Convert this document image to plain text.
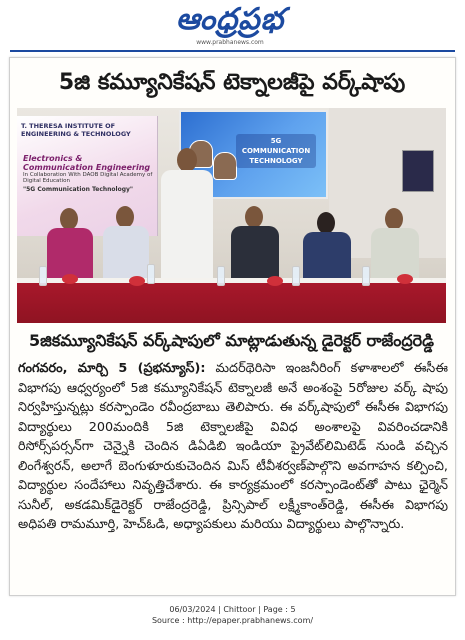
ఆంధ్రప్రభ
www.prabhanews.com
5జి కమ్యూనికేషన్ టెక్నాలజీపై వర్క్‌షాపు
T. THERESA INSTITUTE OF ENGINEERING & TECHNOLOGY
Electronics & Communication Engineering
In Collaboration With DAOB Digital Academy of Digital Education
"5G Communication Technology"
5G COMMUNICATION TECHNOLOGY
5జికమ్యూనికేషన్ వర్క్‌షాపులో మాట్లాడుతున్న డైరెక్టర్ రాజేంద్రరెడ్డి
గంగవరం, మార్చి 5 (ప్రభన్యూస్): మదర్‌థెరిసా ఇంజనీరింగ్ కళాశాలలో ఈసీఈ విభాగపు ఆధ్వర్యంలో 5జి కమ్యూనికేషన్ టెక్నాలజీ అనే అంశంపై 5రోజుల వర్క్ షాపు నిర్వహిస్తున్నట్లు కరస్పాండెం రవీంద్రబాబు తెలిపారు. ఈ వర్క్‌షాపులో ఈసీఈ విభాగపు విద్యార్థులు 200మందికి 5జి టెక్నాలజీపై వివిధ అంశాలపై వివరించడానికి రిసోర్స్‌పర్సన్‌గా చెన్నైకి చెందిన డిఏడిబి ఇండియా ప్రైవేట్‌లిమిటెడ్ నుండి వచ్చిన లింగేశ్వరన్, అలాగే బెంగుళూరుకుచెందిన మిస్ టీవీశర్వణ్‌పాల్గొని అవగాహన కల్పించి, విద్యార్థుల సందేహాలు నివృత్తిచేశారు. ఈ కార్యక్రమంలో కరస్పాండెంట్‌తో పాటు ఛైర్మెన్ సునీల్, అకడమిక్‌డైరెక్టర్ రాజేంద్రరెడ్డి, ప్రిన్సిపాల్ లక్ష్మీకాంత్‌రెడ్డి, ఈసీఈ విభాగపు అధిపతి రామమూర్తి, హెచ్ఓడి, అధ్యాపకులు మరియు విద్యార్థులు పాల్గొన్నారు.
06/03/2024 | Chittoor | Page : 5
Source : http://epaper.prabhanews.com/
